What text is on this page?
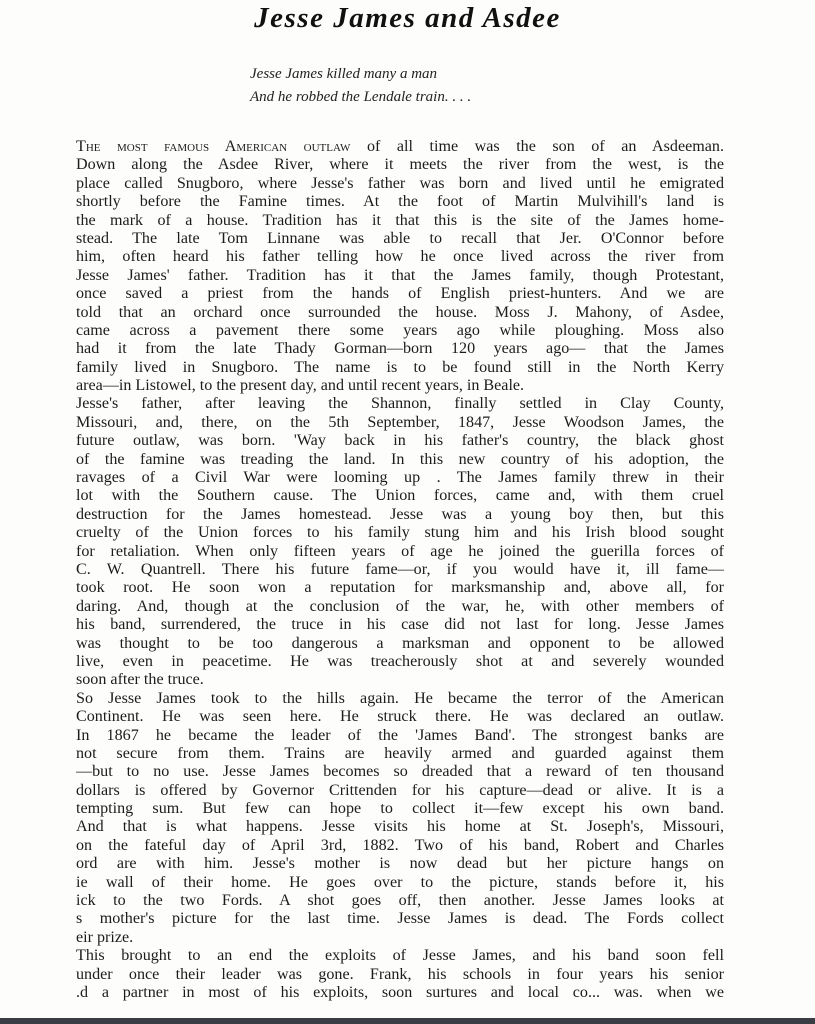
Jesse James and Asdee
Jesse James killed many a man
And he robbed the Lendale train. . . .
The most famous American outlaw of all time was the son of an Asdeeman.
Down along the Asdee River, where it meets the river from the west, is the
place called Snugboro, where Jesse's father was born and lived until he emigrated
shortly before the Famine times. At the foot of Martin Mulvihill's land is
the mark of a house. Tradition has it that this is the site of the James home-
stead. The late Tom Linnane was able to recall that Jer. O'Connor before
him, often heard his father telling how he once lived across the river from
Jesse James' father. Tradition has it that the James family, though Protestant,
once saved a priest from the hands of English priest-hunters. And we are
told that an orchard once surrounded the house. Moss J. Mahony, of Asdee,
came across a pavement there some years ago while ploughing. Moss also
had it from the late Thady Gorman—born 120 years ago— that the James
family lived in Snugboro. The name is to be found still in the North Kerry
area—in Listowel, to the present day, and until recent years, in Beale.
Jesse's father, after leaving the Shannon, finally settled in Clay County,
Missouri, and, there, on the 5th September, 1847, Jesse Woodson James, the
future outlaw, was born. 'Way back in his father's country, the black ghost
of the famine was treading the land. In this new country of his adoption, the
ravages of a Civil War were looming up . The James family threw in their
lot with the Southern cause. The Union forces, came and, with them cruel
destruction for the James homestead. Jesse was a young boy then, but this
cruelty of the Union forces to his family stung him and his Irish blood sought
for retaliation. When only fifteen years of age he joined the guerilla forces of
C. W. Quantrell. There his future fame—or, if you would have it, ill fame—
took root. He soon won a reputation for marksmanship and, above all, for
daring. And, though at the conclusion of the war, he, with other members of
his band, surrendered, the truce in his case did not last for long. Jesse James
was thought to be too dangerous a marksman and opponent to be allowed
live, even in peacetime. He was treacherously shot at and severely wounded
soon after the truce.
So Jesse James took to the hills again. He became the terror of the American
Continent. He was seen here. He struck there. He was declared an outlaw.
In 1867 he became the leader of the 'James Band'. The strongest banks are
not secure from them. Trains are heavily armed and guarded against them
—but to no use. Jesse James becomes so dreaded that a reward of ten thousand
dollars is offered by Governor Crittenden for his capture—dead or alive. It is a
tempting sum. But few can hope to collect it—few except his own band.
And that is what happens. Jesse visits his home at St. Joseph's, Missouri,
on the fateful day of April 3rd, 1882. Two of his band, Robert and Charles
ord are with him. Jesse's mother is now dead but her picture hangs on
ie wall of their home. He goes over to the picture, stands before it, his
ick to the two Fords. A shot goes off, then another. Jesse James looks at
s mother's picture for the last time. Jesse James is dead. The Fords collect
eir prize.
This brought to an end the exploits of Jesse James, and his band soon fell
under once their leader was gone. Frank, his schools in four years his senior
.d a partner in most of his exploits, soon surtures and local co... was. when we
